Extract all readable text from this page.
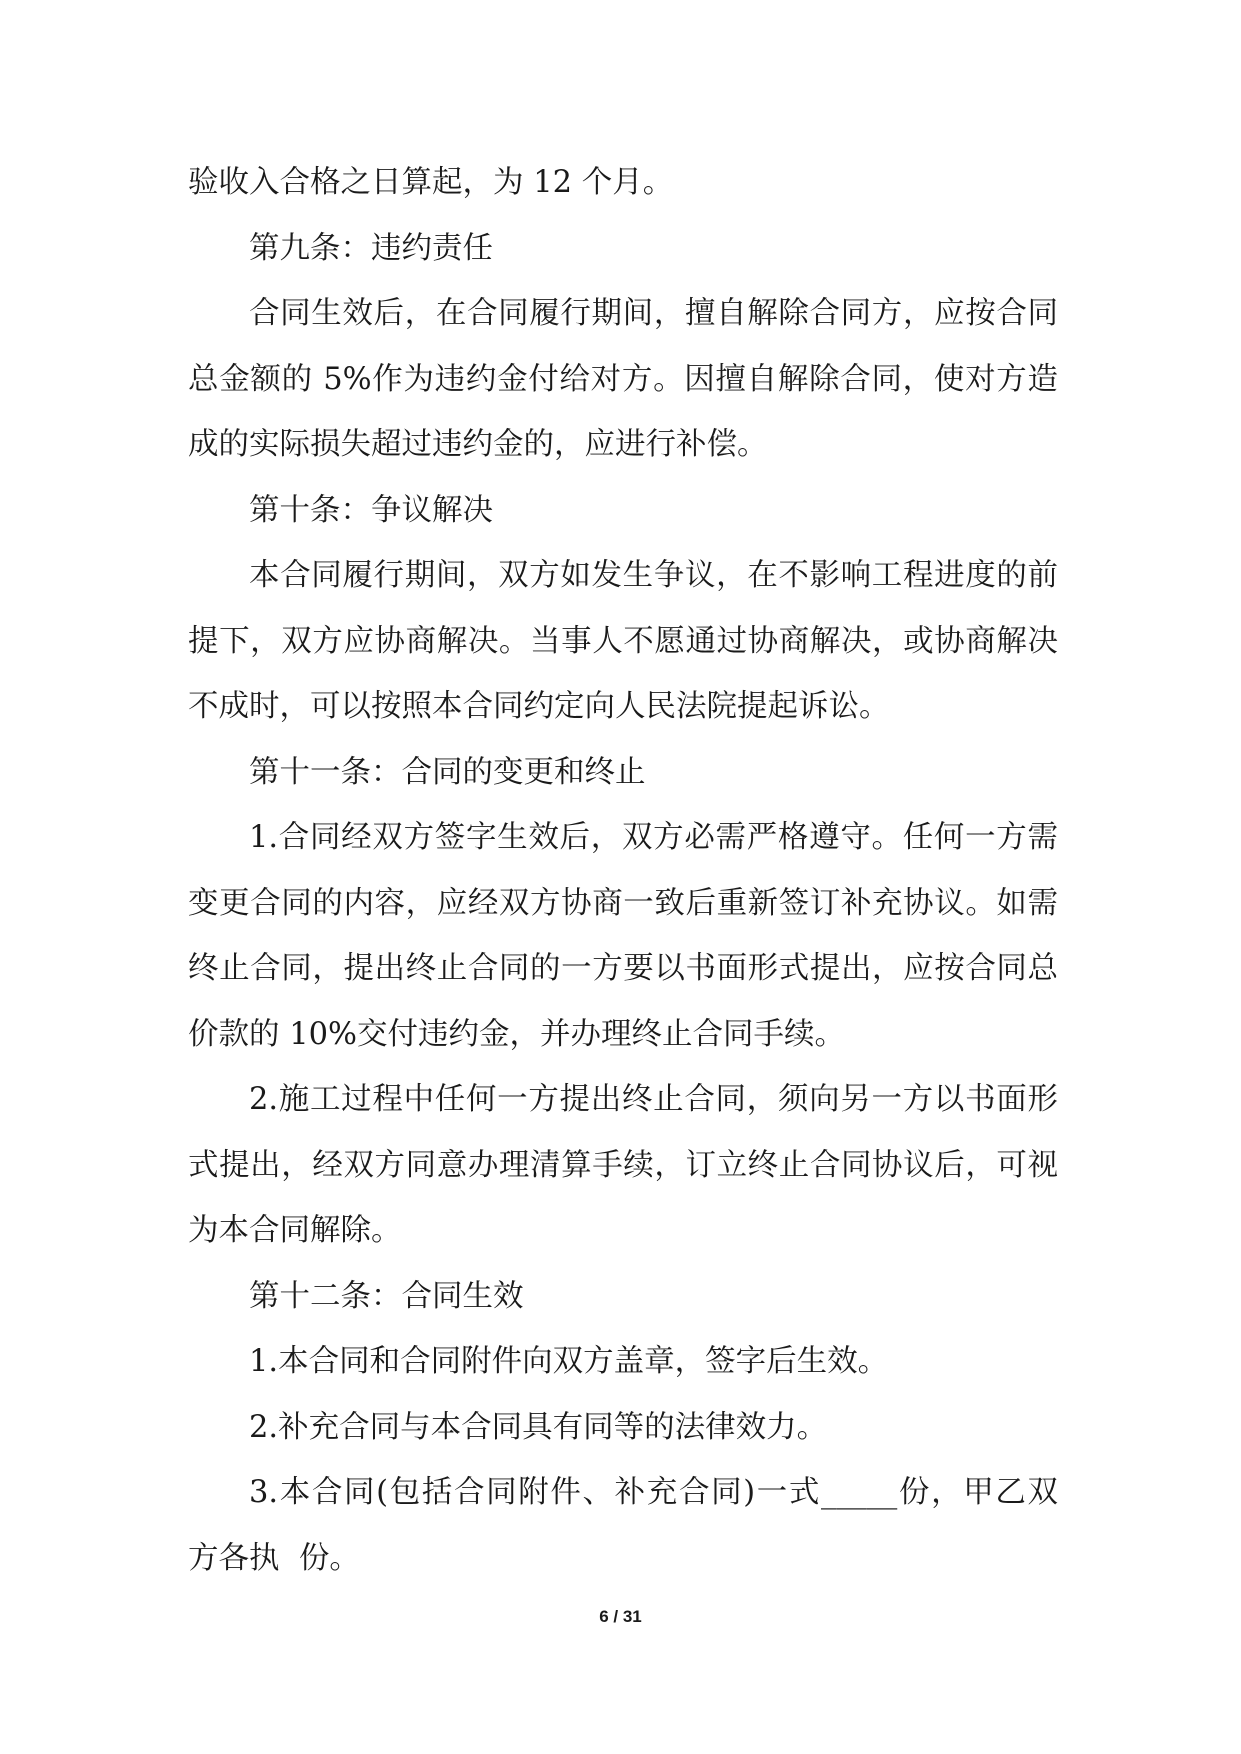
验收入合格之日算起，为 12 个月。
第九条：违约责任
合同生效后，在合同履行期间，擅自解除合同方，应按合同
总金额的 5%作为违约金付给对方。因擅自解除合同，使对方造
成的实际损失超过违约金的，应进行补偿。
第十条：争议解决
本合同履行期间，双方如发生争议，在不影响工程进度的前
提下，双方应协商解决。当事人不愿通过协商解决，或协商解决
不成时，可以按照本合同约定向人民法院提起诉讼。
第十一条：合同的变更和终止
1.合同经双方签字生效后，双方必需严格遵守。任何一方需
变更合同的内容，应经双方协商一致后重新签订补充协议。如需
终止合同，提出终止合同的一方要以书面形式提出，应按合同总
价款的 10%交付违约金，并办理终止合同手续。
2.施工过程中任何一方提出终止合同，须向另一方以书面形
式提出，经双方同意办理清算手续，订立终止合同协议后，可视
为本合同解除。
第十二条：合同生效
1.本合同和合同附件向双方盖章，签字后生效。
2.补充合同与本合同具有同等的法律效力。
3.本合同(包括合同附件、补充合同)一式_____份，甲乙双
方各执  份。
6 / 31
